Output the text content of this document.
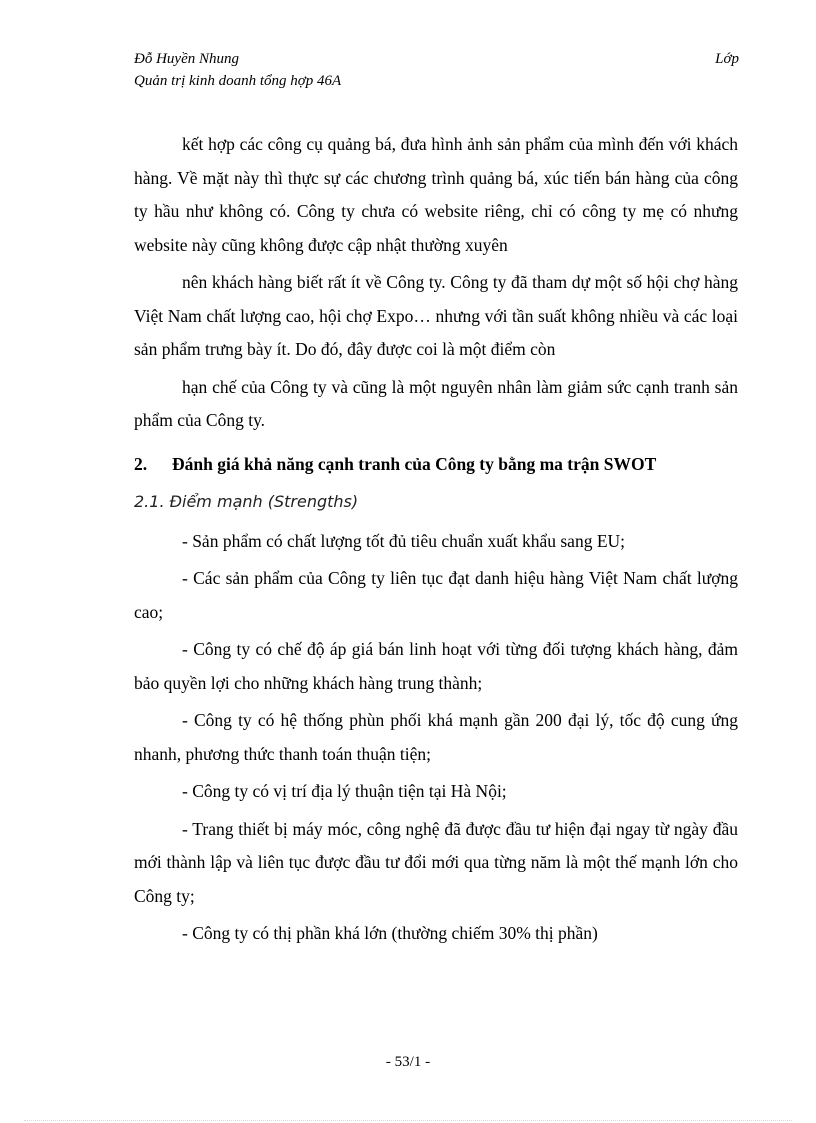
Đỗ Huyền Nhung
Quản trị kinh doanh tổng hợp 46A
Lớp

kết hợp các công cụ quảng bá, đưa hình ảnh sản phẩm của mình đến với khách hàng. Về mặt này thì thực sự các chương trình quảng bá, xúc tiến bán hàng của công ty hầu như không có. Công ty chưa có website riêng, chỉ có công ty mẹ có nhưng website này cũng không được cập nhật thường xuyên

nên khách hàng biết rất ít về Công ty. Công ty đã tham dự một số hội chợ hàng Việt Nam chất lượng cao, hội chợ Expo… nhưng với tần suất không nhiều và các loại sản phẩm trưng bày ít. Do đó, đây được coi là một điểm còn

hạn chế của Công ty và cũng là một nguyên nhân làm giảm sức cạnh tranh sản phẩm của Công ty.

2. Đánh giá khả năng cạnh tranh của Công ty bằng ma trận SWOT
2.1. Điểm mạnh (Strengths)

- Sản phẩm có chất lượng tốt đủ tiêu chuẩn xuất khẩu sang EU;

- Các sản phẩm của Công ty liên tục đạt danh hiệu hàng Việt Nam chất lượng cao;

- Công ty có chế độ áp giá bán linh hoạt với từng đối tượng khách hàng, đảm bảo quyền lợi cho những khách hàng trung thành;

- Công ty có hệ thống phùn phối khá mạnh gần 200 đại lý, tốc độ cung ứng nhanh, phương thức thanh toán thuận tiện;

- Công ty có vị trí địa lý thuận tiện tại Hà Nội;

- Trang thiết bị máy móc, công nghệ đã được đầu tư hiện đại ngay từ ngày đầu mới thành lập và liên tục được đầu tư đổi mới qua từng năm là một thế mạnh lớn cho Công ty;

- Công ty có thị phần khá lớn (thường chiếm 30% thị phần)

- 53/1 -
